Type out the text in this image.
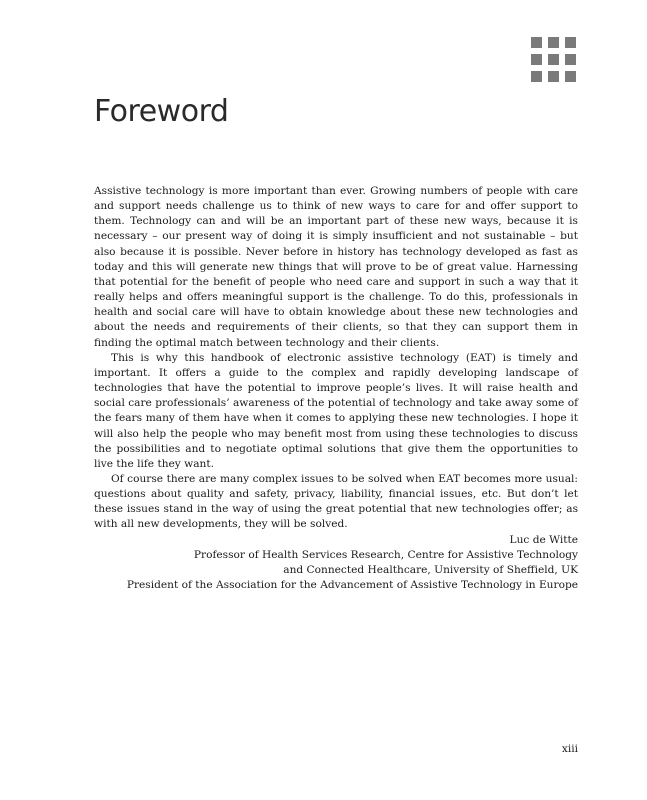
Foreword

Assistive technology is more important than ever. Growing numbers of people with care and support needs challenge us to think of new ways to care for and offer support to them. Technology can and will be an important part of these new ways, because it is necessary – our present way of doing it is simply insufficient and not sustainable – but also because it is possible. Never before in history has technology developed as fast as today and this will generate new things that will prove to be of great value. Harnessing that potential for the benefit of people who need care and support in such a way that it really helps and offers meaningful support is the challenge. To do this, professionals in health and social care will have to obtain knowledge about these new technologies and about the needs and requirements of their clients, so that they can support them in finding the optimal match between technology and their clients.

This is why this handbook of electronic assistive technology (EAT) is timely and important. It offers a guide to the complex and rapidly developing landscape of technologies that have the potential to improve people’s lives. It will raise health and social care professionals’ awareness of the potential of technology and take away some of the fears many of them have when it comes to applying these new technologies. I hope it will also help the people who may benefit most from using these technologies to discuss the possibilities and to negotiate optimal solutions that give them the opportunities to live the life they want.

Of course there are many complex issues to be solved when EAT becomes more usual: questions about quality and safety, privacy, liability, financial issues, etc. But don’t let these issues stand in the way of using the great potential that new technologies offer; as with all new developments, they will be solved.

Luc de Witte
Professor of Health Services Research, Centre for Assistive Technology
and Connected Healthcare, University of Sheffield, UK
President of the Association for the Advancement of Assistive Technology in Europe
xiii
